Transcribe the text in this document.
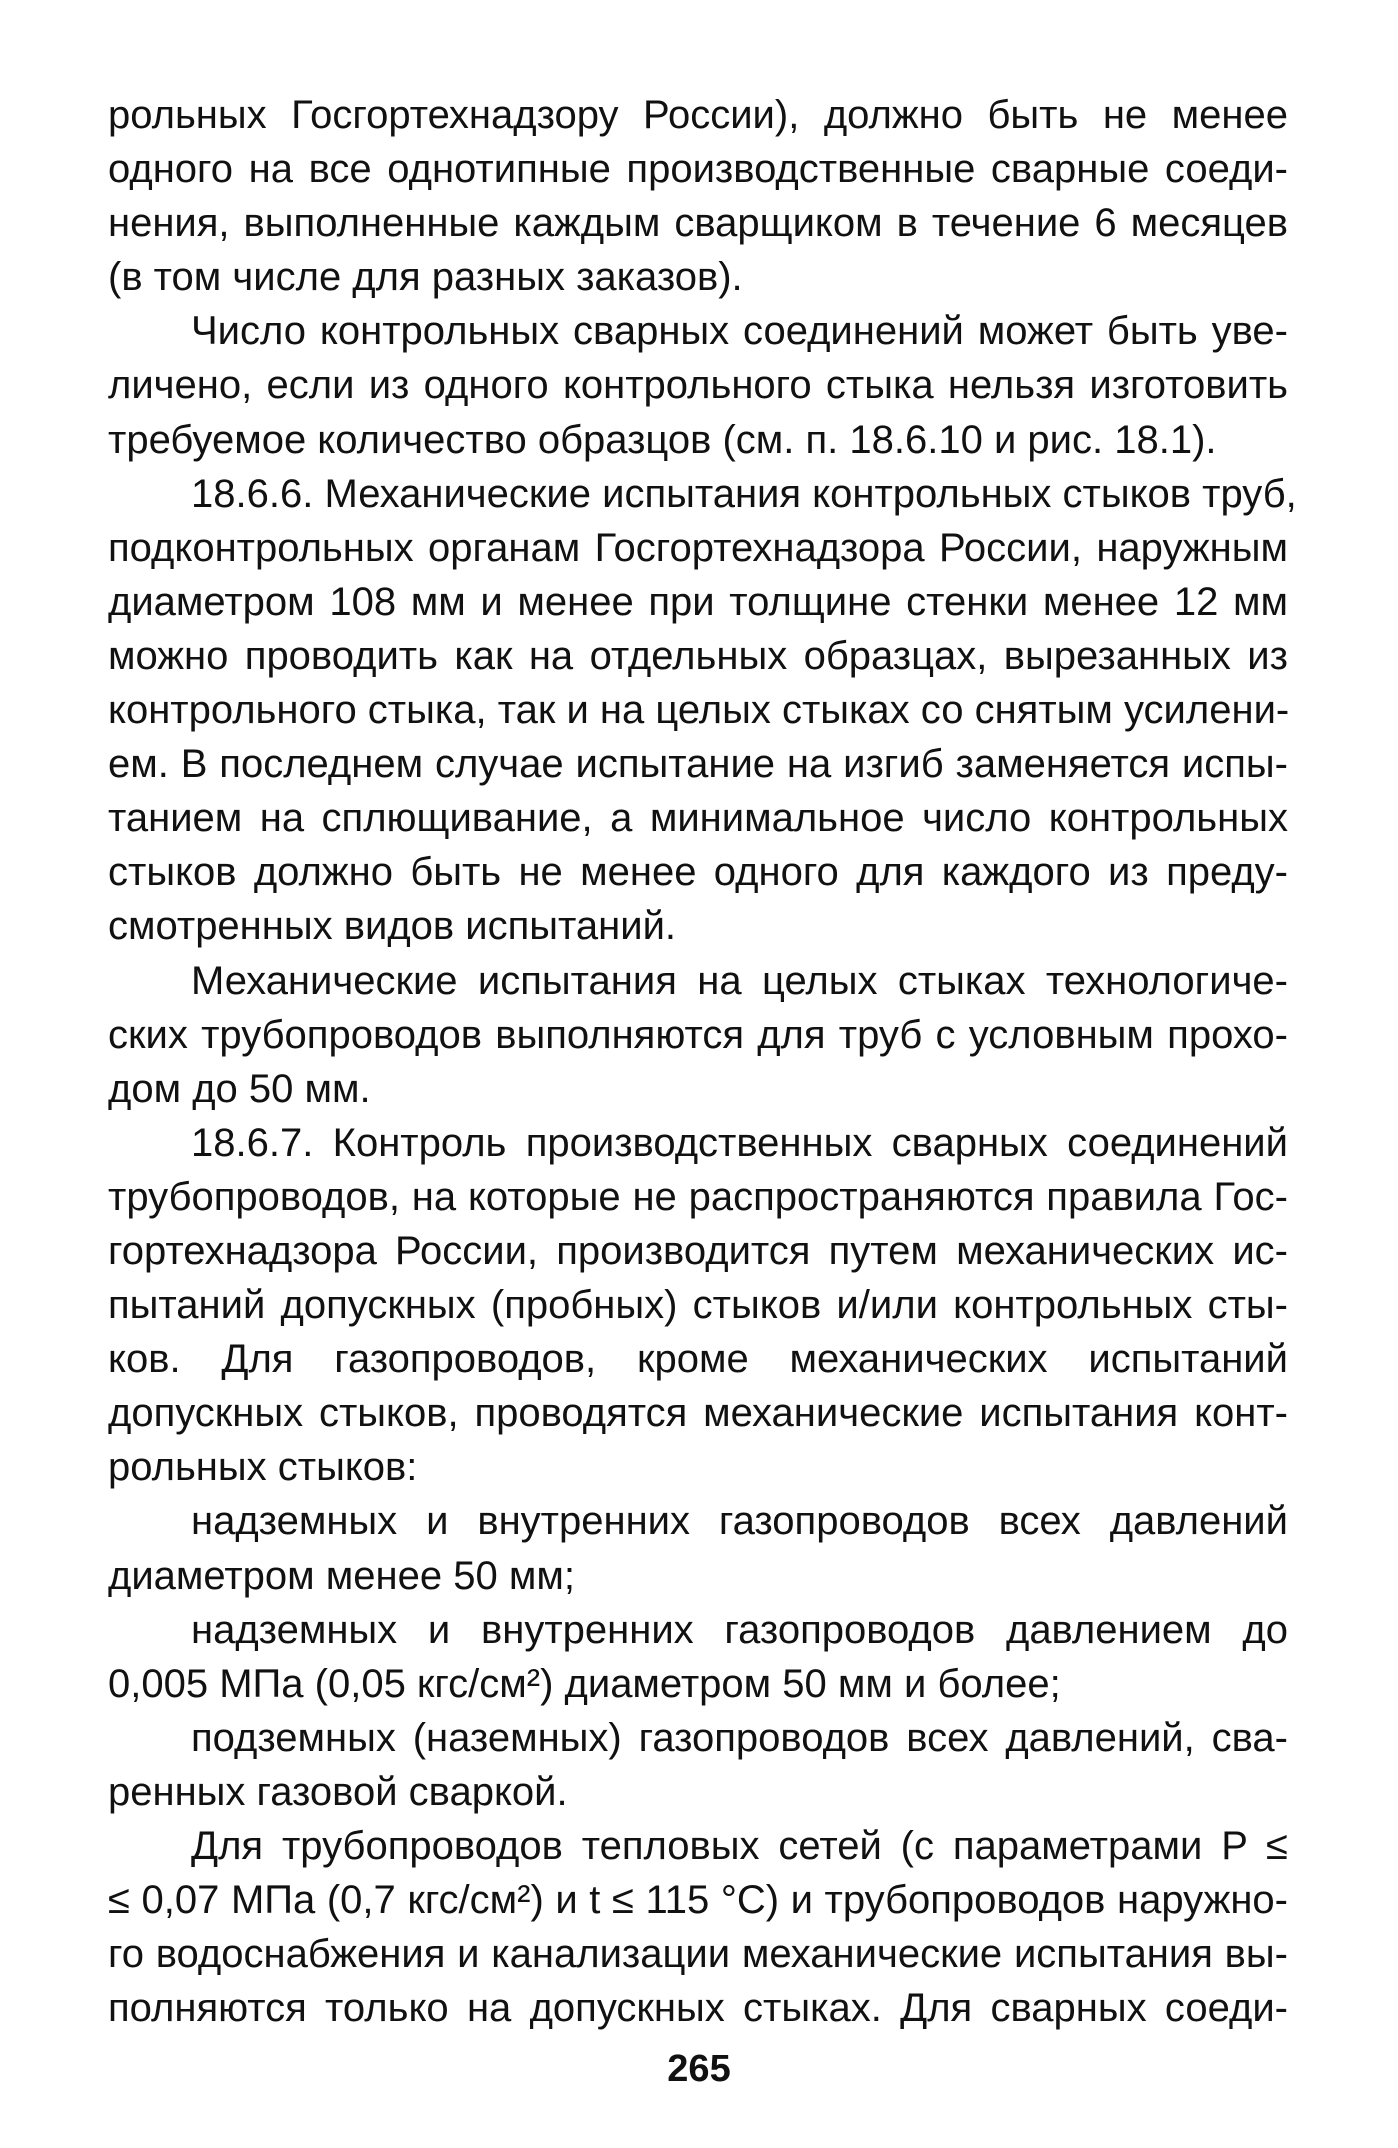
рольных Госгортехнадзору России), должно быть не менее
одного на все однотипные производственные сварные соеди-
нения, выполненные каждым сварщиком в течение 6 месяцев
(в том числе для разных заказов).
Число контрольных сварных соединений может быть уве-
личено, если из одного контрольного стыка нельзя изготовить
требуемое количество образцов (см. п. 18.6.10 и рис. 18.1).
18.6.6. Механические испытания контрольных стыков труб,
подконтрольных органам Госгортехнадзора России, наружным
диаметром 108 мм и менее при толщине стенки менее 12 мм
можно проводить как на отдельных образцах, вырезанных из
контрольного стыка, так и на целых стыках со снятым усилени-
ем. В последнем случае испытание на изгиб заменяется испы-
танием на сплющивание, а минимальное число контрольных
стыков должно быть не менее одного для каждого из преду-
смотренных видов испытаний.
Механические испытания на целых стыках технологиче-
ских трубопроводов выполняются для труб с условным прохо-
дом до 50 мм.
18.6.7. Контроль производственных сварных соединений
трубопроводов, на которые не распространяются правила Гос-
гортехнадзора России, производится путем механических ис-
пытаний допускных (пробных) стыков и/или контрольных сты-
ков. Для газопроводов, кроме механических испытаний
допускных стыков, проводятся механические испытания конт-
рольных стыков:
надземных и внутренних газопроводов всех давлений
диаметром менее 50 мм;
надземных и внутренних газопроводов давлением до
0,005 МПа (0,05 кгс/см²) диаметром 50 мм и более;
подземных (наземных) газопроводов всех давлений, сва-
ренных газовой сваркой.
Для трубопроводов тепловых сетей (с параметрами P ≤
≤ 0,07 МПа (0,7 кгс/см²) и t ≤ 115 °C) и трубопроводов наружно-
го водоснабжения и канализации механические испытания вы-
полняются только на допускных стыках. Для сварных соеди-
265
